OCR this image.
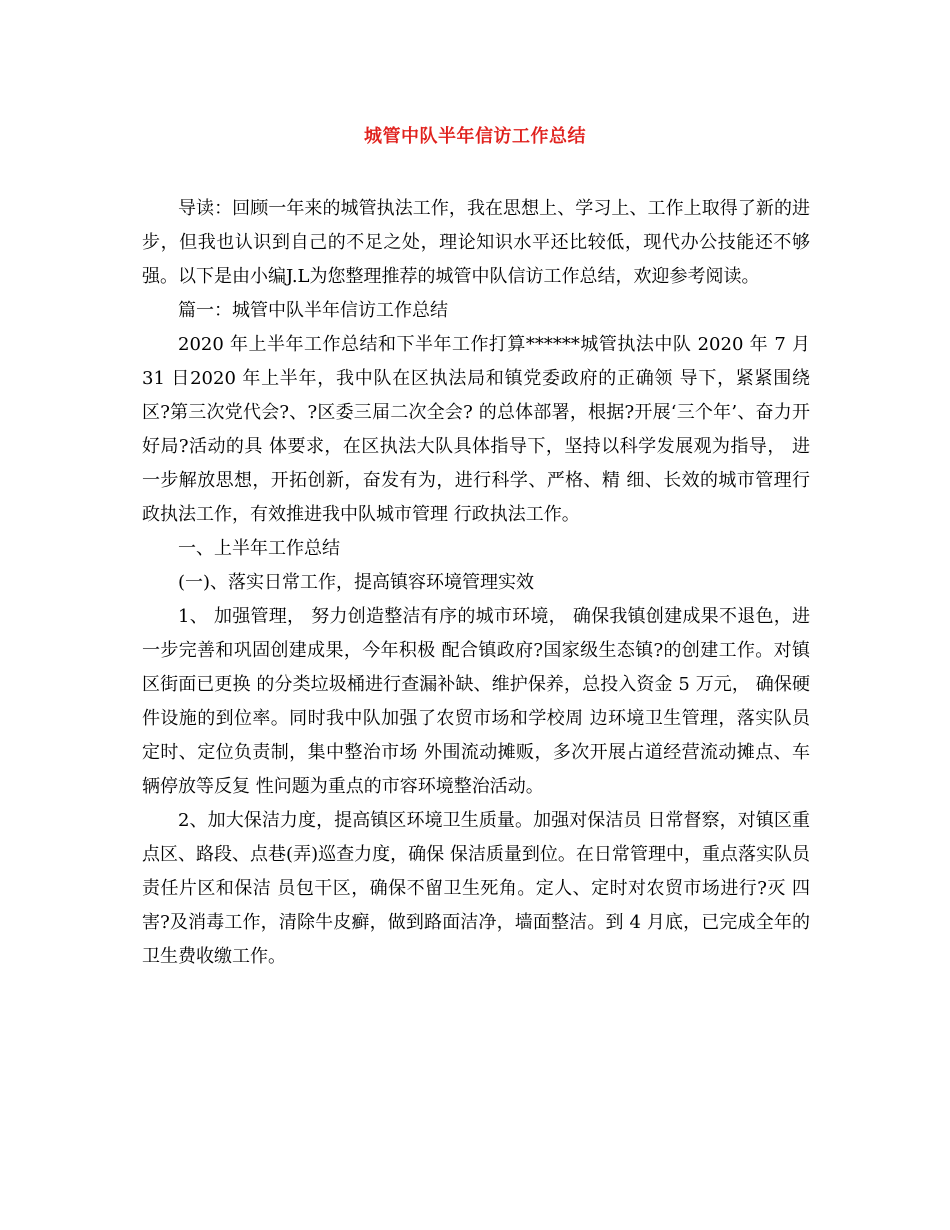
城管中队半年信访工作总结

导读：回顾一年来的城管执法工作，我在思想上、学习上、工作上取得了新的进步，但我也认识到自己的不足之处，理论知识水平还比较低，现代办公技能还不够强。以下是由小编J.L为您整理推荐的城管中队信访工作总结，欢迎参考阅读。

篇一：城管中队半年信访工作总结

2020 年上半年工作总结和下半年工作打算******城管执法中队 2020 年 7 月 31 日2020 年上半年，我中队在区执法局和镇党委政府的正确领 导下，紧紧围绕区?第三次党代会?、?区委三届二次全会? 的总体部署，根据?开展‘三个年’、奋力开好局?活动的具 体要求，在区执法大队具体指导下，坚持以科学发展观为指导， 进一步解放思想，开拓创新，奋发有为，进行科学、严格、精 细、长效的城市管理行政执法工作，有效推进我中队城市管理 行政执法工作。

一、上半年工作总结

(一)、落实日常工作，提高镇容环境管理实效

1、 加强管理， 努力创造整洁有序的城市环境， 确保我镇创建成果不退色，进一步完善和巩固创建成果，今年积极 配合镇政府?国家级生态镇?的创建工作。对镇区街面已更换 的分类垃圾桶进行查漏补缺、维护保养，总投入资金 5 万元， 确保硬件设施的到位率。同时我中队加强了农贸市场和学校周 边环境卫生管理，落实队员定时、定位负责制，集中整治市场 外围流动摊贩，多次开展占道经营流动摊点、车辆停放等反复 性问题为重点的市容环境整治活动。

2、加大保洁力度，提高镇区环境卫生质量。加强对保洁员 日常督察，对镇区重点区、路段、点巷(弄)巡查力度，确保 保洁质量到位。在日常管理中，重点落实队员责任片区和保洁 员包干区，确保不留卫生死角。定人、定时对农贸市场进行?灭 四害?及消毒工作，清除牛皮癣，做到路面洁净，墙面整洁。到 4 月底，已完成全年的卫生费收缴工作。
